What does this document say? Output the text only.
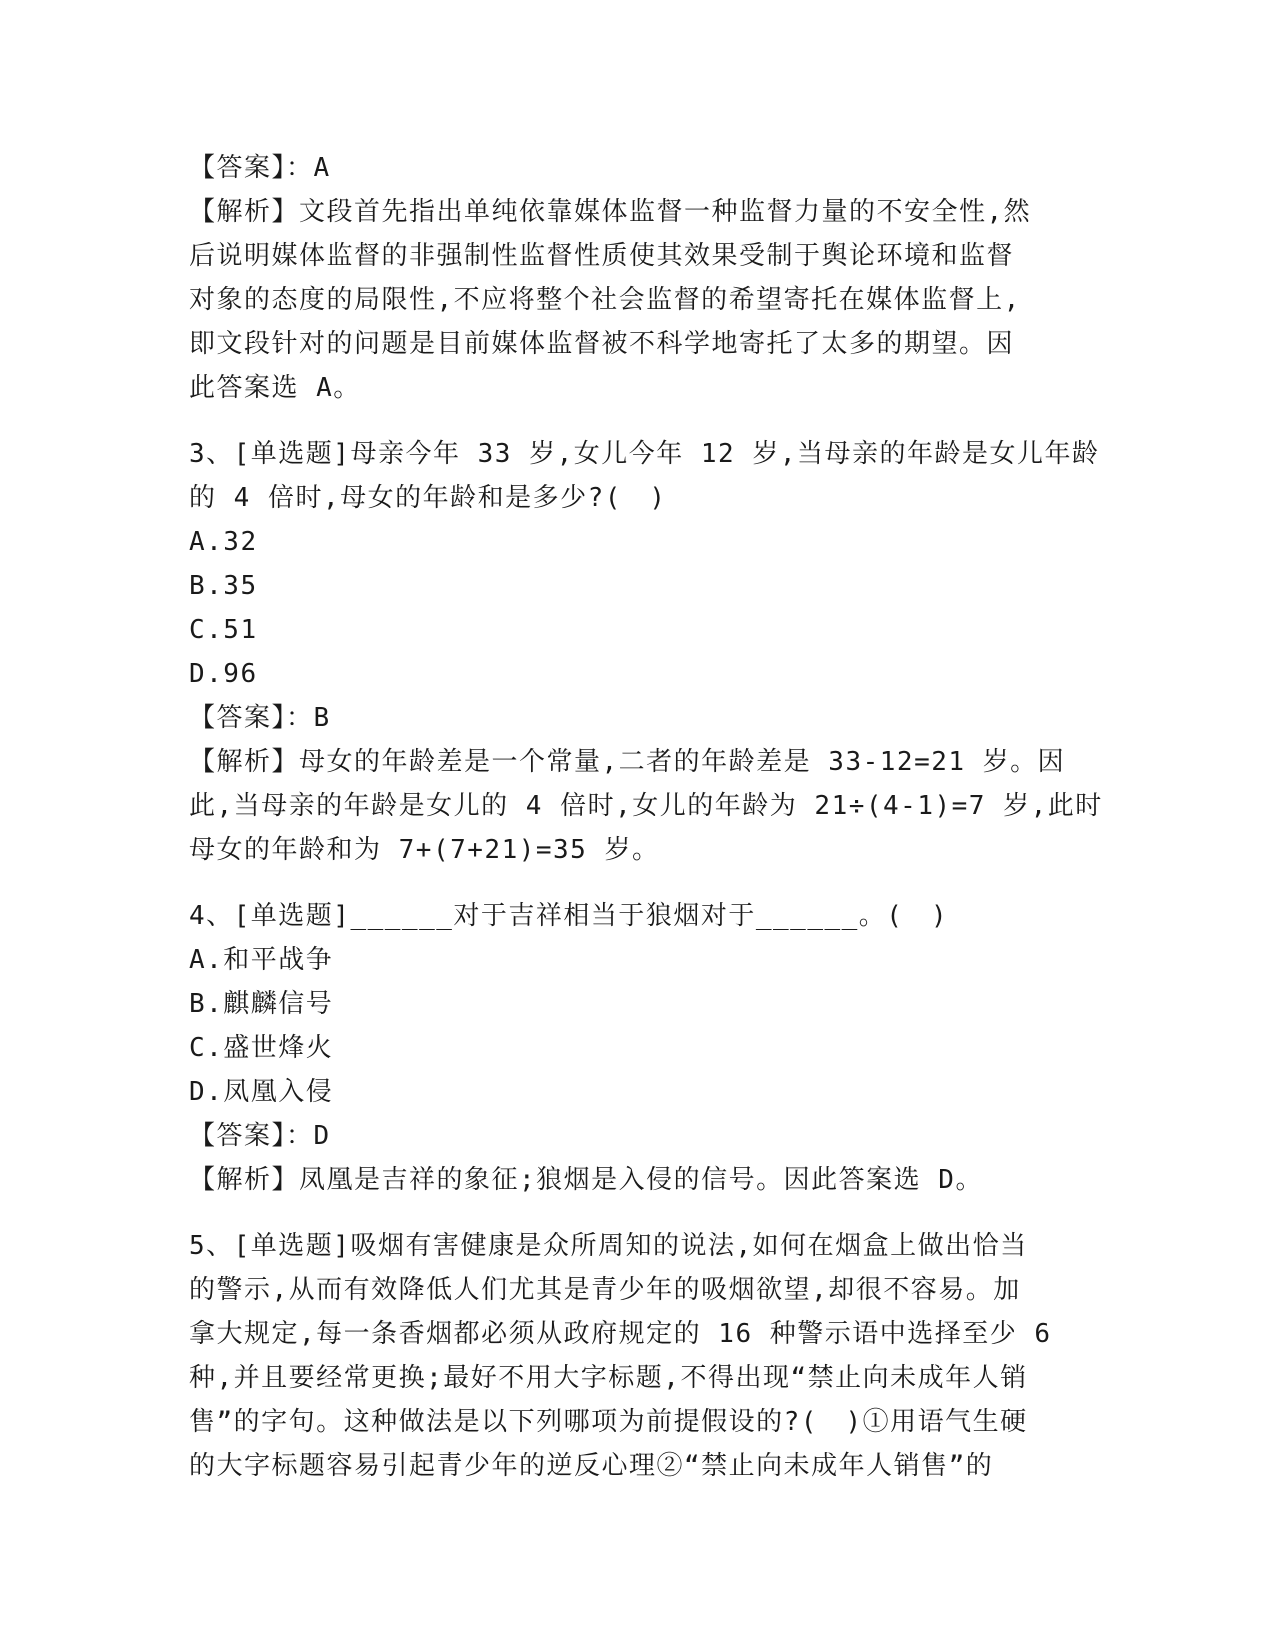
【答案】：A
【解析】文段首先指出单纯依靠媒体监督一种监督力量的不安全性,然
后说明媒体监督的非强制性监督性质使其效果受制于舆论环境和监督
对象的态度的局限性,不应将整个社会监督的希望寄托在媒体监督上,
即文段针对的问题是目前媒体监督被不科学地寄托了太多的期望。因
此答案选 A。
3、[单选题]母亲今年 33 岁,女儿今年 12 岁,当母亲的年龄是女儿年龄
的 4 倍时,母女的年龄和是多少?(　)
A.32
B.35
C.51
D.96
【答案】：B
【解析】母女的年龄差是一个常量,二者的年龄差是 33-12=21 岁。因
此,当母亲的年龄是女儿的 4 倍时,女儿的年龄为 21÷(4-1)=7 岁,此时
母女的年龄和为 7+(7+21)=35 岁。
4、[单选题]______对于吉祥相当于狼烟对于______。(　)
A.和平战争
B.麒麟信号
C.盛世烽火
D.凤凰入侵
【答案】：D
【解析】凤凰是吉祥的象征;狼烟是入侵的信号。因此答案选 D。
5、[单选题]吸烟有害健康是众所周知的说法,如何在烟盒上做出恰当
的警示,从而有效降低人们尤其是青少年的吸烟欲望,却很不容易。加
拿大规定,每一条香烟都必须从政府规定的 16 种警示语中选择至少 6
种,并且要经常更换;最好不用大字标题,不得出现“禁止向未成年人销
售”的字句。这种做法是以下列哪项为前提假设的?(　)①用语气生硬
的大字标题容易引起青少年的逆反心理②“禁止向未成年人销售”的
